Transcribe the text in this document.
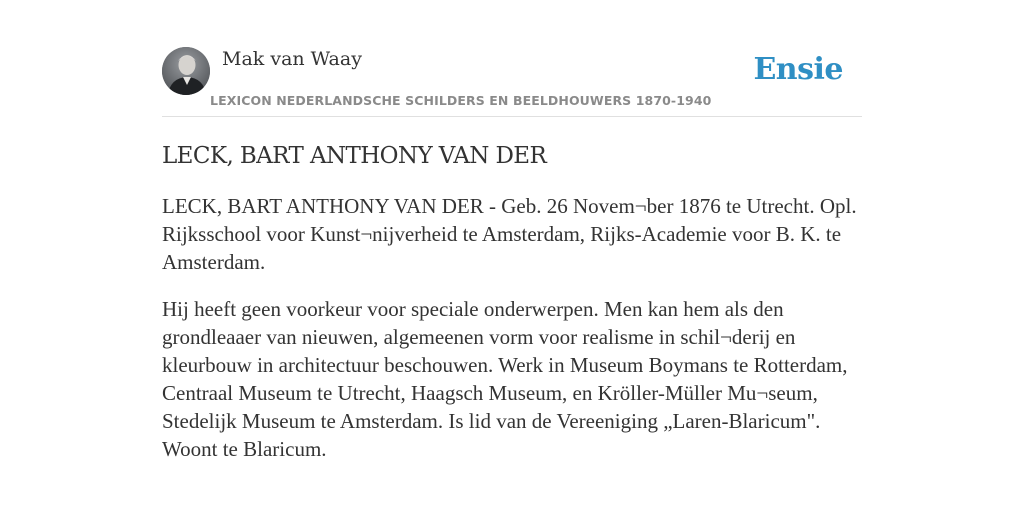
Mak van Waay
LEXICON NEDERLANDSCHE SCHILDERS EN BEELDHOUWERS 1870-1940
Ensie
LECK, BART ANTHONY VAN DER

LECK, BART ANTHONY VAN DER - Geb. 26 Novem¬ber 1876 te Utrecht. Opl. Rijksschool voor Kunst¬nijverheid te Amsterdam, Rijks-Academie voor B. K. te Amsterdam.

Hij heeft geen voorkeur voor speciale onderwerpen. Men kan hem als den grondleaaer van nieuwen, algemeenen vorm voor realisme in schil¬derij en kleurbouw in architectuur beschouwen. Werk in Museum Boymans te Rotterdam, Centraal Museum te Utrecht, Haagsch Museum, en Kröller-Müller Mu¬seum, Stedelijk Museum te Amsterdam. Is lid van de Vereeniging „Laren-Blaricum". Woont te Blaricum.
